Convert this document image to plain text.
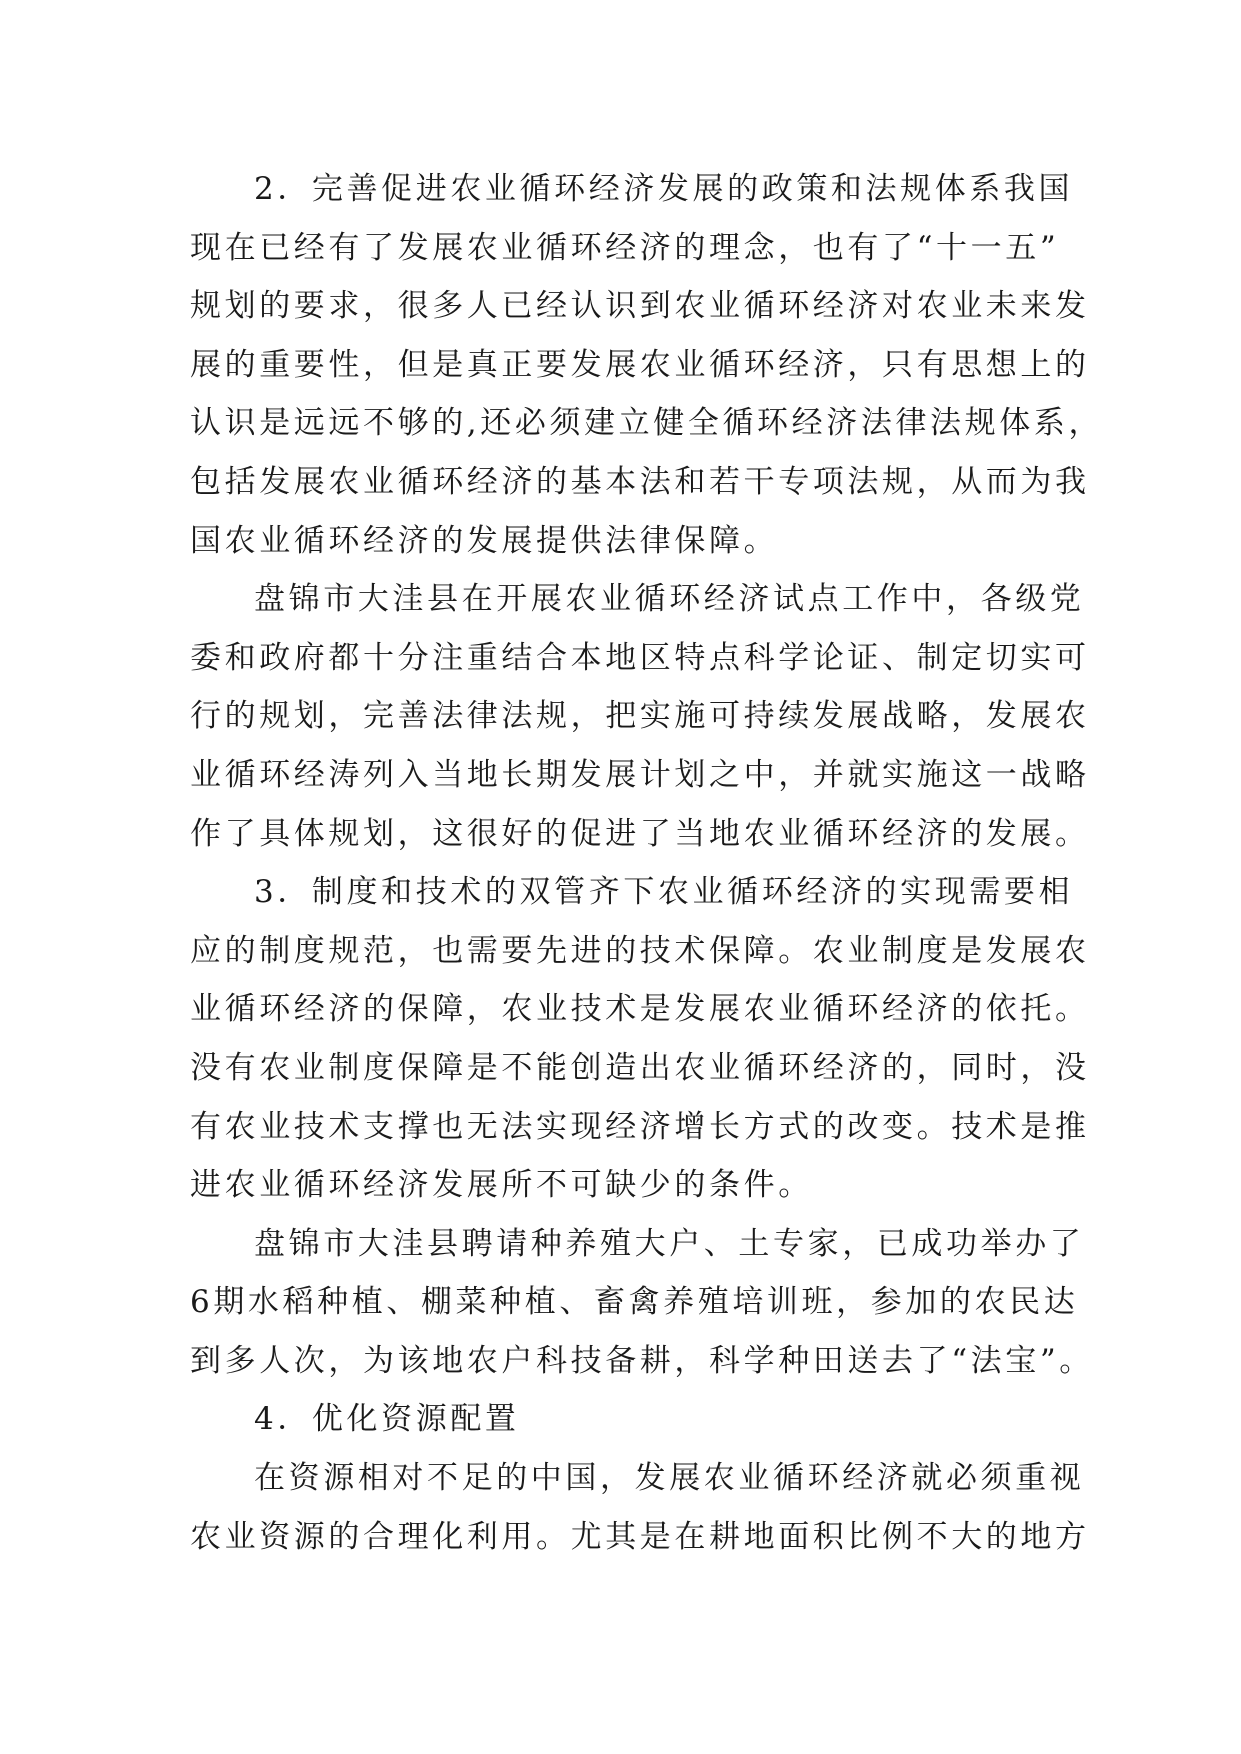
2．完善促进农业循环经济发展的政策和法规体系我国
现在已经有了发展农业循环经济的理念，也有了“十一五”
规划的要求，很多人已经认识到农业循环经济对农业未来发
展的重要性，但是真正要发展农业循环经济，只有思想上的
认识是远远不够的,还必须建立健全循环经济法律法规体系，
包括发展农业循环经济的基本法和若干专项法规，从而为我
国农业循环经济的发展提供法律保障。
盘锦市大洼县在开展农业循环经济试点工作中，各级党
委和政府都十分注重结合本地区特点科学论证、制定切实可
行的规划，完善法律法规，把实施可持续发展战略，发展农
业循环经涛列入当地长期发展计划之中，并就实施这一战略
作了具体规划，这很好的促进了当地农业循环经济的发展。
3．制度和技术的双管齐下农业循环经济的实现需要相
应的制度规范，也需要先进的技术保障。农业制度是发展农
业循环经济的保障，农业技术是发展农业循环经济的依托。
没有农业制度保障是不能创造出农业循环经济的，同时，没
有农业技术支撑也无法实现经济增长方式的改变。技术是推
进农业循环经济发展所不可缺少的条件。
盘锦市大洼县聘请种养殖大户、土专家，已成功举办了
6期水稻种植、棚菜种植、畜禽养殖培训班，参加的农民达
到多人次，为该地农户科技备耕，科学种田送去了“法宝”。
4．优化资源配置
在资源相对不足的中国，发展农业循环经济就必须重视
农业资源的合理化利用。尤其是在耕地面积比例不大的地方
